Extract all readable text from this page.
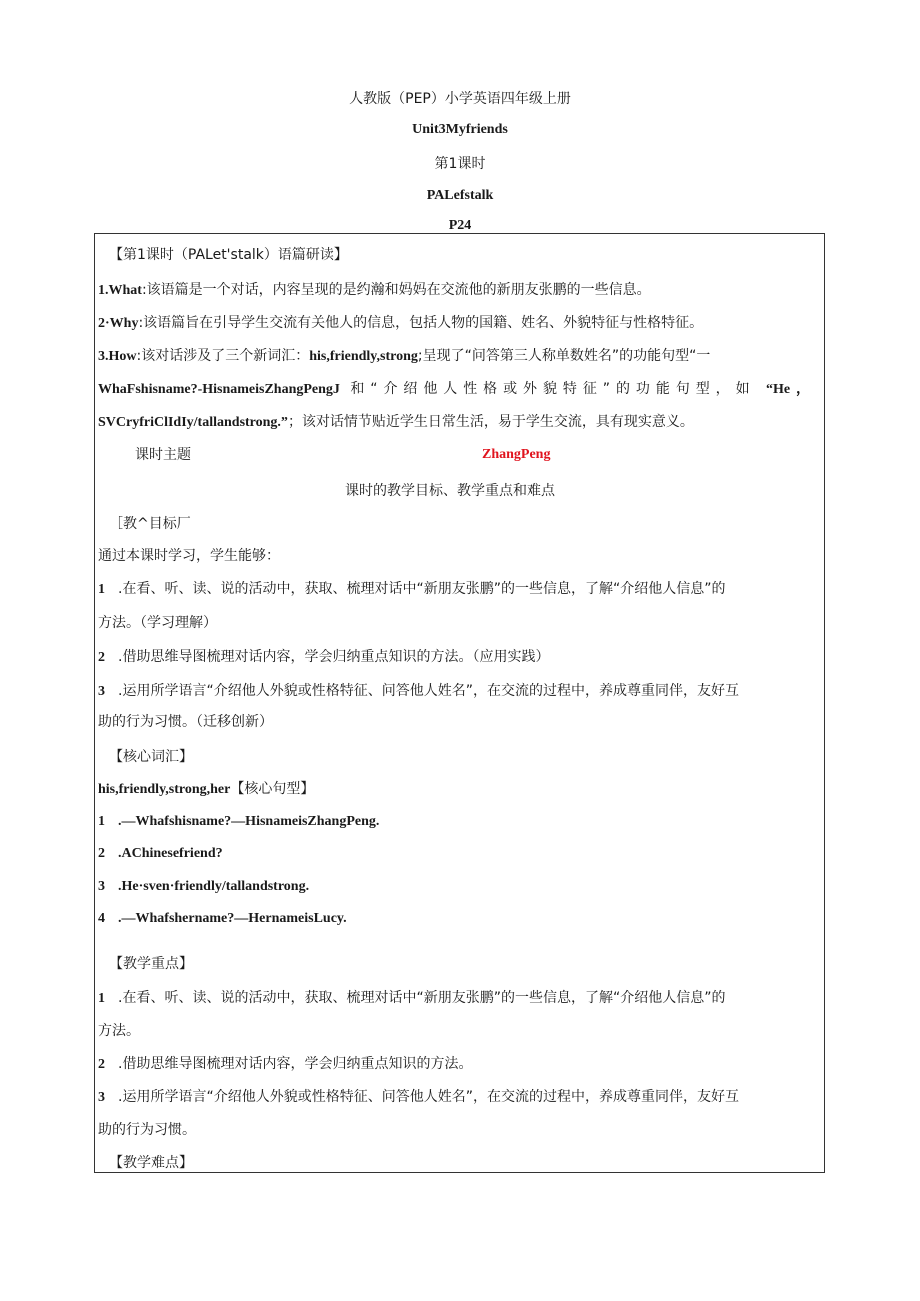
人教版（PEP）小学英语四年级上册
Unit3Myfriends
第1课时
PALefstalk
P24
【第1课时（PALet'stalk）语篇研读】
1.What:该语篇是一个对话，内容呈现的是约瀚和妈妈在交流他的新朋友张鹏的一些信息。
2·Why:该语篇旨在引导学生交流有关他人的信息，包括人物的国籍、姓名、外貌特征与性格特征。
3.How:该对话涉及了三个新词汇：his,friendly,strong;呈现了“问答第三人称单数姓名”的功能句型“一
WhaFshisname?-HisnameisZhangPengJ 和“介绍他人性格或外貌特征”的功能句型，如 “He，
SVCryfriClIdIy/tallandstrong.”；该对话情节贴近学生日常生活，易于学生交流，具有现实意义。
课时主题	ZhangPeng
课时的教学目标、教学重点和难点
［教^目标厂
通过本课时学习，学生能够：
1 .在看、听、读、说的活动中，获取、梳理对话中“新朋友张鹏”的一些信息，了解“介绍他人信息”的
方法。（学习理解）
2 .借助思维导图梳理对话内容，学会归纳重点知识的方法。（应用实践）
3 .运用所学语言“介绍他人外貌或性格特征、问答他人姓名”，在交流的过程中，养成尊重同伴，友好互
助的行为习惯。（迁移创新）
【核心词汇】
his,friendly,strong,her【核心句型】
1 .—Whafshisname?—HisnameisZhangPeng.
2 .AChinesefriend?
3 .He·sven·friendly/tallandstrong.
4 .—Whafshername?—HernameisLucy.
【教学重点】
1 .在看、听、读、说的活动中，获取、梳理对话中“新朋友张鹏”的一些信息，了解“介绍他人信息”的
方法。
2 .借助思维导图梳理对话内容，学会归纳重点知识的方法。
3 .运用所学语言“介绍他人外貌或性格特征、问答他人姓名”，在交流的过程中，养成尊重同伴，友好互
助的行为习惯。
【教学难点】
